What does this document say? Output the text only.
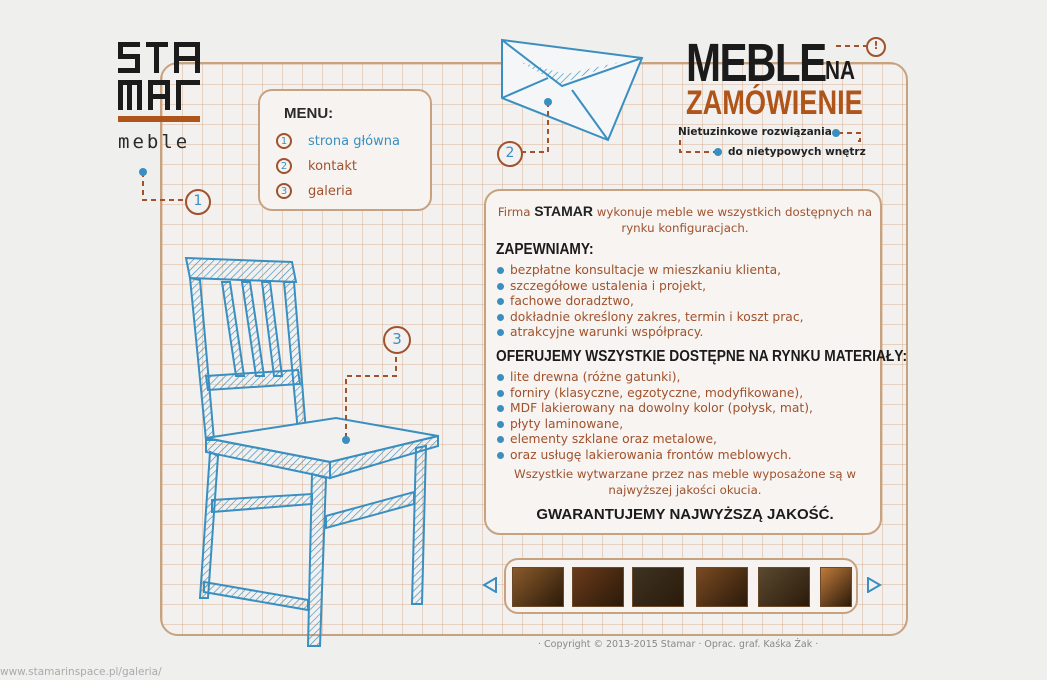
1
2
3
!
meble
MENU:
1	strona główna
2	kontakt
3	galeria
MEBLE NA
ZAMÓWIENIE
Nietuzinkowe rozwiązania
do nietypowych wnętrz
Firma STAMAR wykonuje meble we wszystkich dostępnych na rynku konfiguracjach.
ZAPEWNIAMY:
bezpłatne konsultacje w mieszkaniu klienta,
szczegółowe ustalenia i projekt,
fachowe doradztwo,
dokładnie określony zakres, termin i koszt prac,
atrakcyjne warunki współpracy.
OFERUJEMY WSZYSTKIE DOSTĘPNE NA RYNKU MATERIAŁY:
lite drewna (różne gatunki),
forniry (klasyczne, egzotyczne, modyfikowane),
MDF lakierowany na dowolny kolor (połysk, mat),
płyty laminowane,
elementy szklane oraz metalowe,
oraz usługę lakierowania frontów meblowych.
Wszystkie wytwarzane przez nas meble wyposażone są w najwyższej jakości okucia.
GWARANTUJEMY NAJWYŻSZĄ JAKOŚĆ.
· Copyright © 2013-2015 Stamar · Oprac. graf. Kaśka Żak ·
www.stamarinspace.pl/galeria/
